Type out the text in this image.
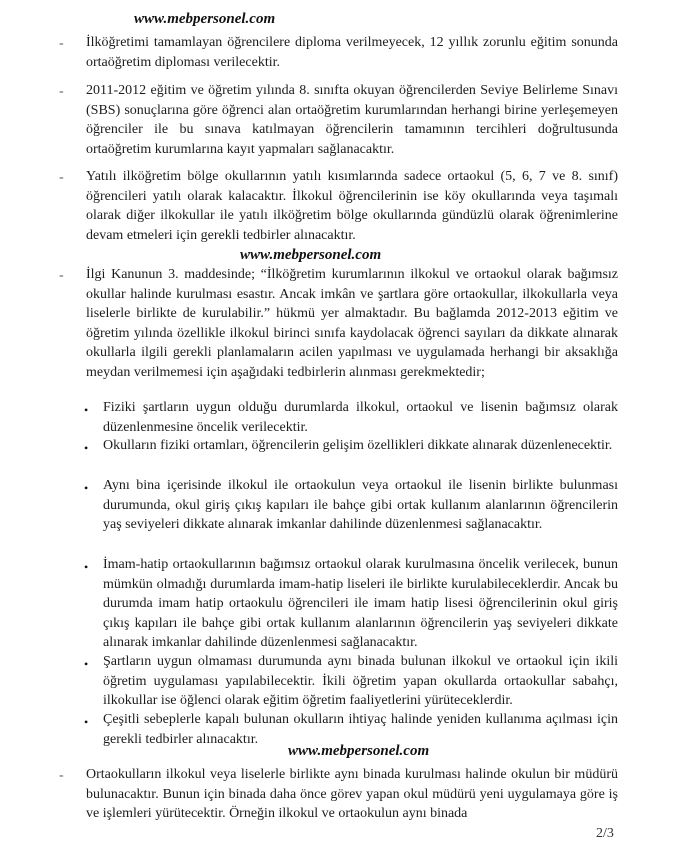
www.mebpersonel.com
www.mebpersonel.com
www.mebpersonel.com
- İlköğretimi tamamlayan öğrencilere diploma verilmeyecek, 12 yıllık zorunlu eğitim sonunda ortaöğretim diploması verilecektir.

- 2011-2012 eğitim ve öğretim yılında 8. sınıfta okuyan öğrencilerden Seviye Belirleme Sınavı (SBS) sonuçlarına göre öğrenci alan ortaöğretim kurumlarından herhangi birine yerleşemeyen öğrenciler ile bu sınava katılmayan öğrencilerin tamamının tercihleri doğrultusunda ortaöğretim kurumlarına kayıt yapmaları sağlanacaktır.

- Yatılı ilköğretim bölge okullarının yatılı kısımlarında sadece ortaokul (5, 6, 7 ve 8. sınıf) öğrencileri yatılı olarak kalacaktır. İlkokul öğrencilerinin ise köy okullarında veya taşımalı olarak diğer ilkokullar ile yatılı ilköğretim bölge okullarında gündüzlü olarak öğrenimlerine devam etmeleri için gerekli tedbirler alınacaktır.

- İlgi Kanunun 3. maddesinde; “İlköğretim kurumlarının ilkokul ve ortaokul olarak bağımsız okullar halinde kurulması esastır. Ancak imkân ve şartlara göre ortaokullar, ilkokullarla veya liselerle birlikte de kurulabilir.” hükmü yer almaktadır. Bu bağlamda 2012-2013 eğitim ve öğretim yılında özellikle ilkokul birinci sınıfa kaydolacak öğrenci sayıları da dikkate alınarak okullarla ilgili gerekli planlamaların acilen yapılması ve uygulamada herhangi bir aksaklığa meydan verilmemesi için aşağıdaki tedbirlerin alınması gerekmektedir;

• Fiziki şartların uygun olduğu durumlarda ilkokul, ortaokul ve lisenin bağımsız olarak düzenlenmesine öncelik verilecektir.

• Okulların fiziki ortamları, öğrencilerin gelişim özellikleri dikkate alınarak düzenlenecektir.

• Aynı bina içerisinde ilkokul ile ortaokulun veya ortaokul ile lisenin birlikte bulunması durumunda, okul giriş çıkış kapıları ile bahçe gibi ortak kullanım alanlarının öğrencilerin yaş seviyeleri dikkate alınarak imkanlar dahilinde düzenlenmesi sağlanacaktır.

• İmam-hatip ortaokullarının bağımsız ortaokul olarak kurulmasına öncelik verilecek, bunun mümkün olmadığı durumlarda imam-hatip liseleri ile birlikte kurulabileceklerdir. Ancak bu durumda imam hatip ortaokulu öğrencileri ile imam hatip lisesi öğrencilerinin okul giriş çıkış kapıları ile bahçe gibi ortak kullanım alanlarının öğrencilerin yaş seviyeleri dikkate alınarak imkanlar dahilinde düzenlenmesi sağlanacaktır.

• Şartların uygun olmaması durumunda aynı binada bulunan ilkokul ve ortaokul için ikili öğretim uygulaması yapılabilecektir. İkili öğretim yapan okullarda ortaokullar sabahçı, ilkokullar ise öğlenci olarak eğitim öğretim faaliyetlerini yürüteceklerdir.

• Çeşitli sebeplerle kapalı bulunan okulların ihtiyaç halinde yeniden kullanıma açılması için gerekli tedbirler alınacaktır.

- Ortaokulların ilkokul veya liselerle birlikte aynı binada kurulması halinde okulun bir müdürü bulunacaktır. Bunun için binada daha önce görev yapan okul müdürü yeni uygulamaya göre iş ve işlemleri yürütecektir. Örneğin ilkokul ve ortaokulun aynı binada

2/3
